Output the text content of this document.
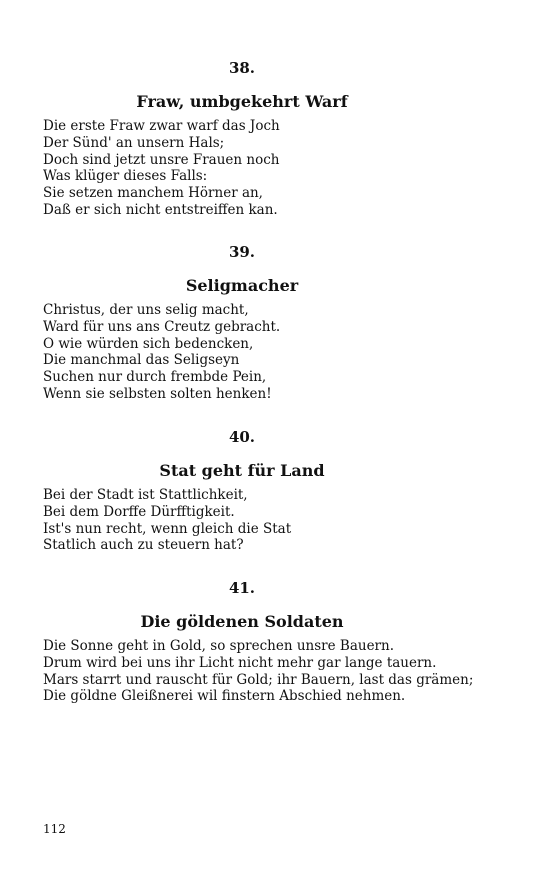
38.
Fraw, umbgekehrt Warf
Die erste Fraw zwar warf das Joch
Der Sünd' an unsern Hals;
Doch sind jetzt unsre Frauen noch
Was klüger dieses Falls:
Sie setzen manchem Hörner an,
Daß er sich nicht entstreiffen kan.
39.
Seligmacher
Christus, der uns selig macht,
Ward für uns ans Creutz gebracht.
O wie würden sich bedencken,
Die manchmal das Seligseyn
Suchen nur durch frembde Pein,
Wenn sie selbsten solten henken!
40.
Stat geht für Land
Bei der Stadt ist Stattlichkeit,
Bei dem Dorffe Dürfftigkeit.
Ist's nun recht, wenn gleich die Stat
Statlich auch zu steuern hat?
41.
Die göldenen Soldaten
Die Sonne geht in Gold, so sprechen unsre Bauern.
Drum wird bei uns ihr Licht nicht mehr gar lange tauern.
Mars starrt und rauscht für Gold; ihr Bauern, last das grämen;
Die göldne Gleißnerei wil finstern Abschied nehmen.
112
